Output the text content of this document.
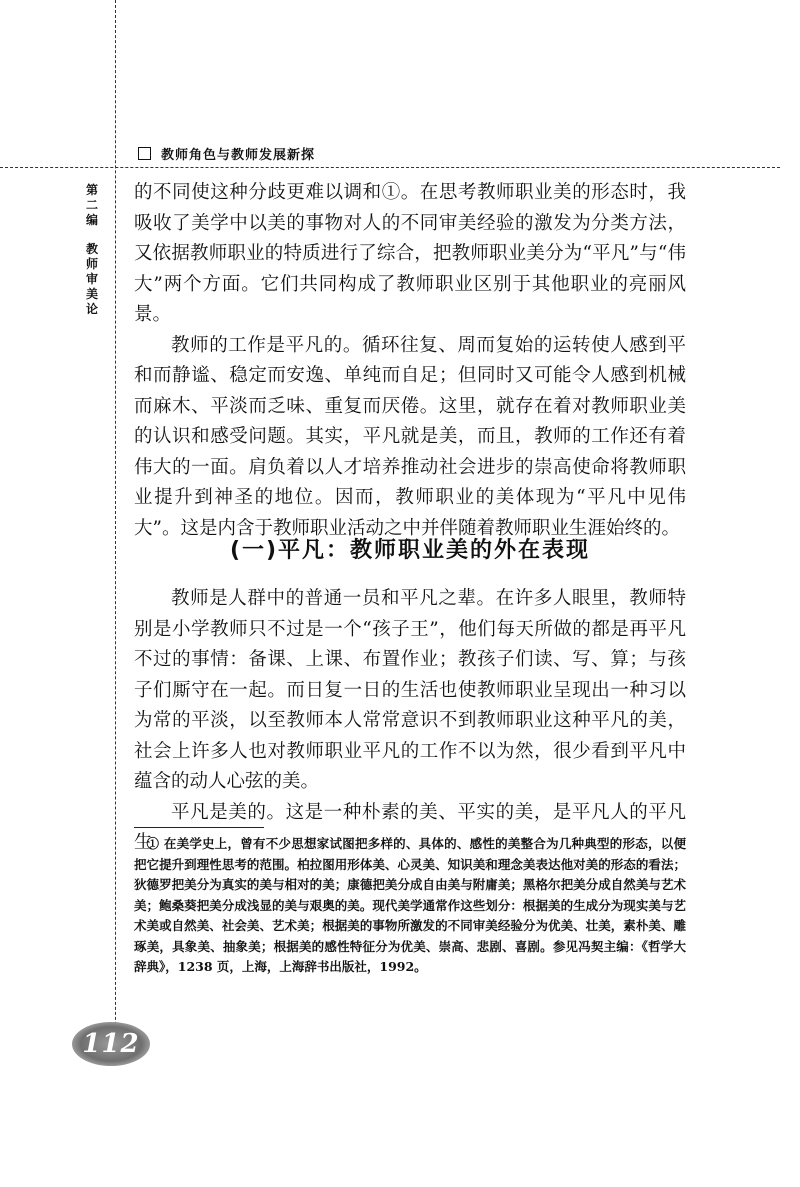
教师角色与教师发展新探
第二编
教师审美论

的不同使这种分歧更难以调和①。在思考教师职业美的形态时，我吸收了美学中以美的事物对人的不同审美经验的激发为分类方法，又依据教师职业的特质进行了综合，把教师职业美分为“平凡”与“伟大”两个方面。它们共同构成了教师职业区别于其他职业的亮丽风景。

教师的工作是平凡的。循环往复、周而复始的运转使人感到平和而静谧、稳定而安逸、单纯而自足；但同时又可能令人感到机械而麻木、平淡而乏味、重复而厌倦。这里，就存在着对教师职业美的认识和感受问题。其实，平凡就是美，而且，教师的工作还有着伟大的一面。肩负着以人才培养推动社会进步的崇高使命将教师职业提升到神圣的地位。因而，教师职业的美体现为“平凡中见伟大”。这是内含于教师职业活动之中并伴随着教师职业生涯始终的。

(一)平凡：教师职业美的外在表现

教师是人群中的普通一员和平凡之辈。在许多人眼里，教师特别是小学教师只不过是一个“孩子王”，他们每天所做的都是再平凡不过的事情：备课、上课、布置作业；教孩子们读、写、算；与孩子们厮守在一起。而日复一日的生活也使教师职业呈现出一种习以为常的平淡，以至教师本人常常意识不到教师职业这种平凡的美，社会上许多人也对教师职业平凡的工作不以为然，很少看到平凡中蕴含的动人心弦的美。

平凡是美的。这是一种朴素的美、平实的美，是平凡人的平凡生

① 在美学史上，曾有不少思想家试图把多样的、具体的、感性的美整合为几种典型的形态，以便把它提升到理性思考的范围。柏拉图用形体美、心灵美、知识美和理念美表达他对美的形态的看法；狄德罗把美分为真实的美与相对的美；康德把美分成自由美与附庸美；黑格尔把美分成自然美与艺术美；鲍桑葵把美分成浅显的美与艰奥的美。现代美学通常作这些划分：根据美的生成分为现实美与艺术美或自然美、社会美、艺术美；根据美的事物所激发的不同审美经验分为优美、壮美，素朴美、雕琢美，具象美、抽象美；根据美的感性特征分为优美、崇高、悲剧、喜剧。参见冯契主编：《哲学大辞典》，1238 页，上海，上海辞书出版社，1992。

112
